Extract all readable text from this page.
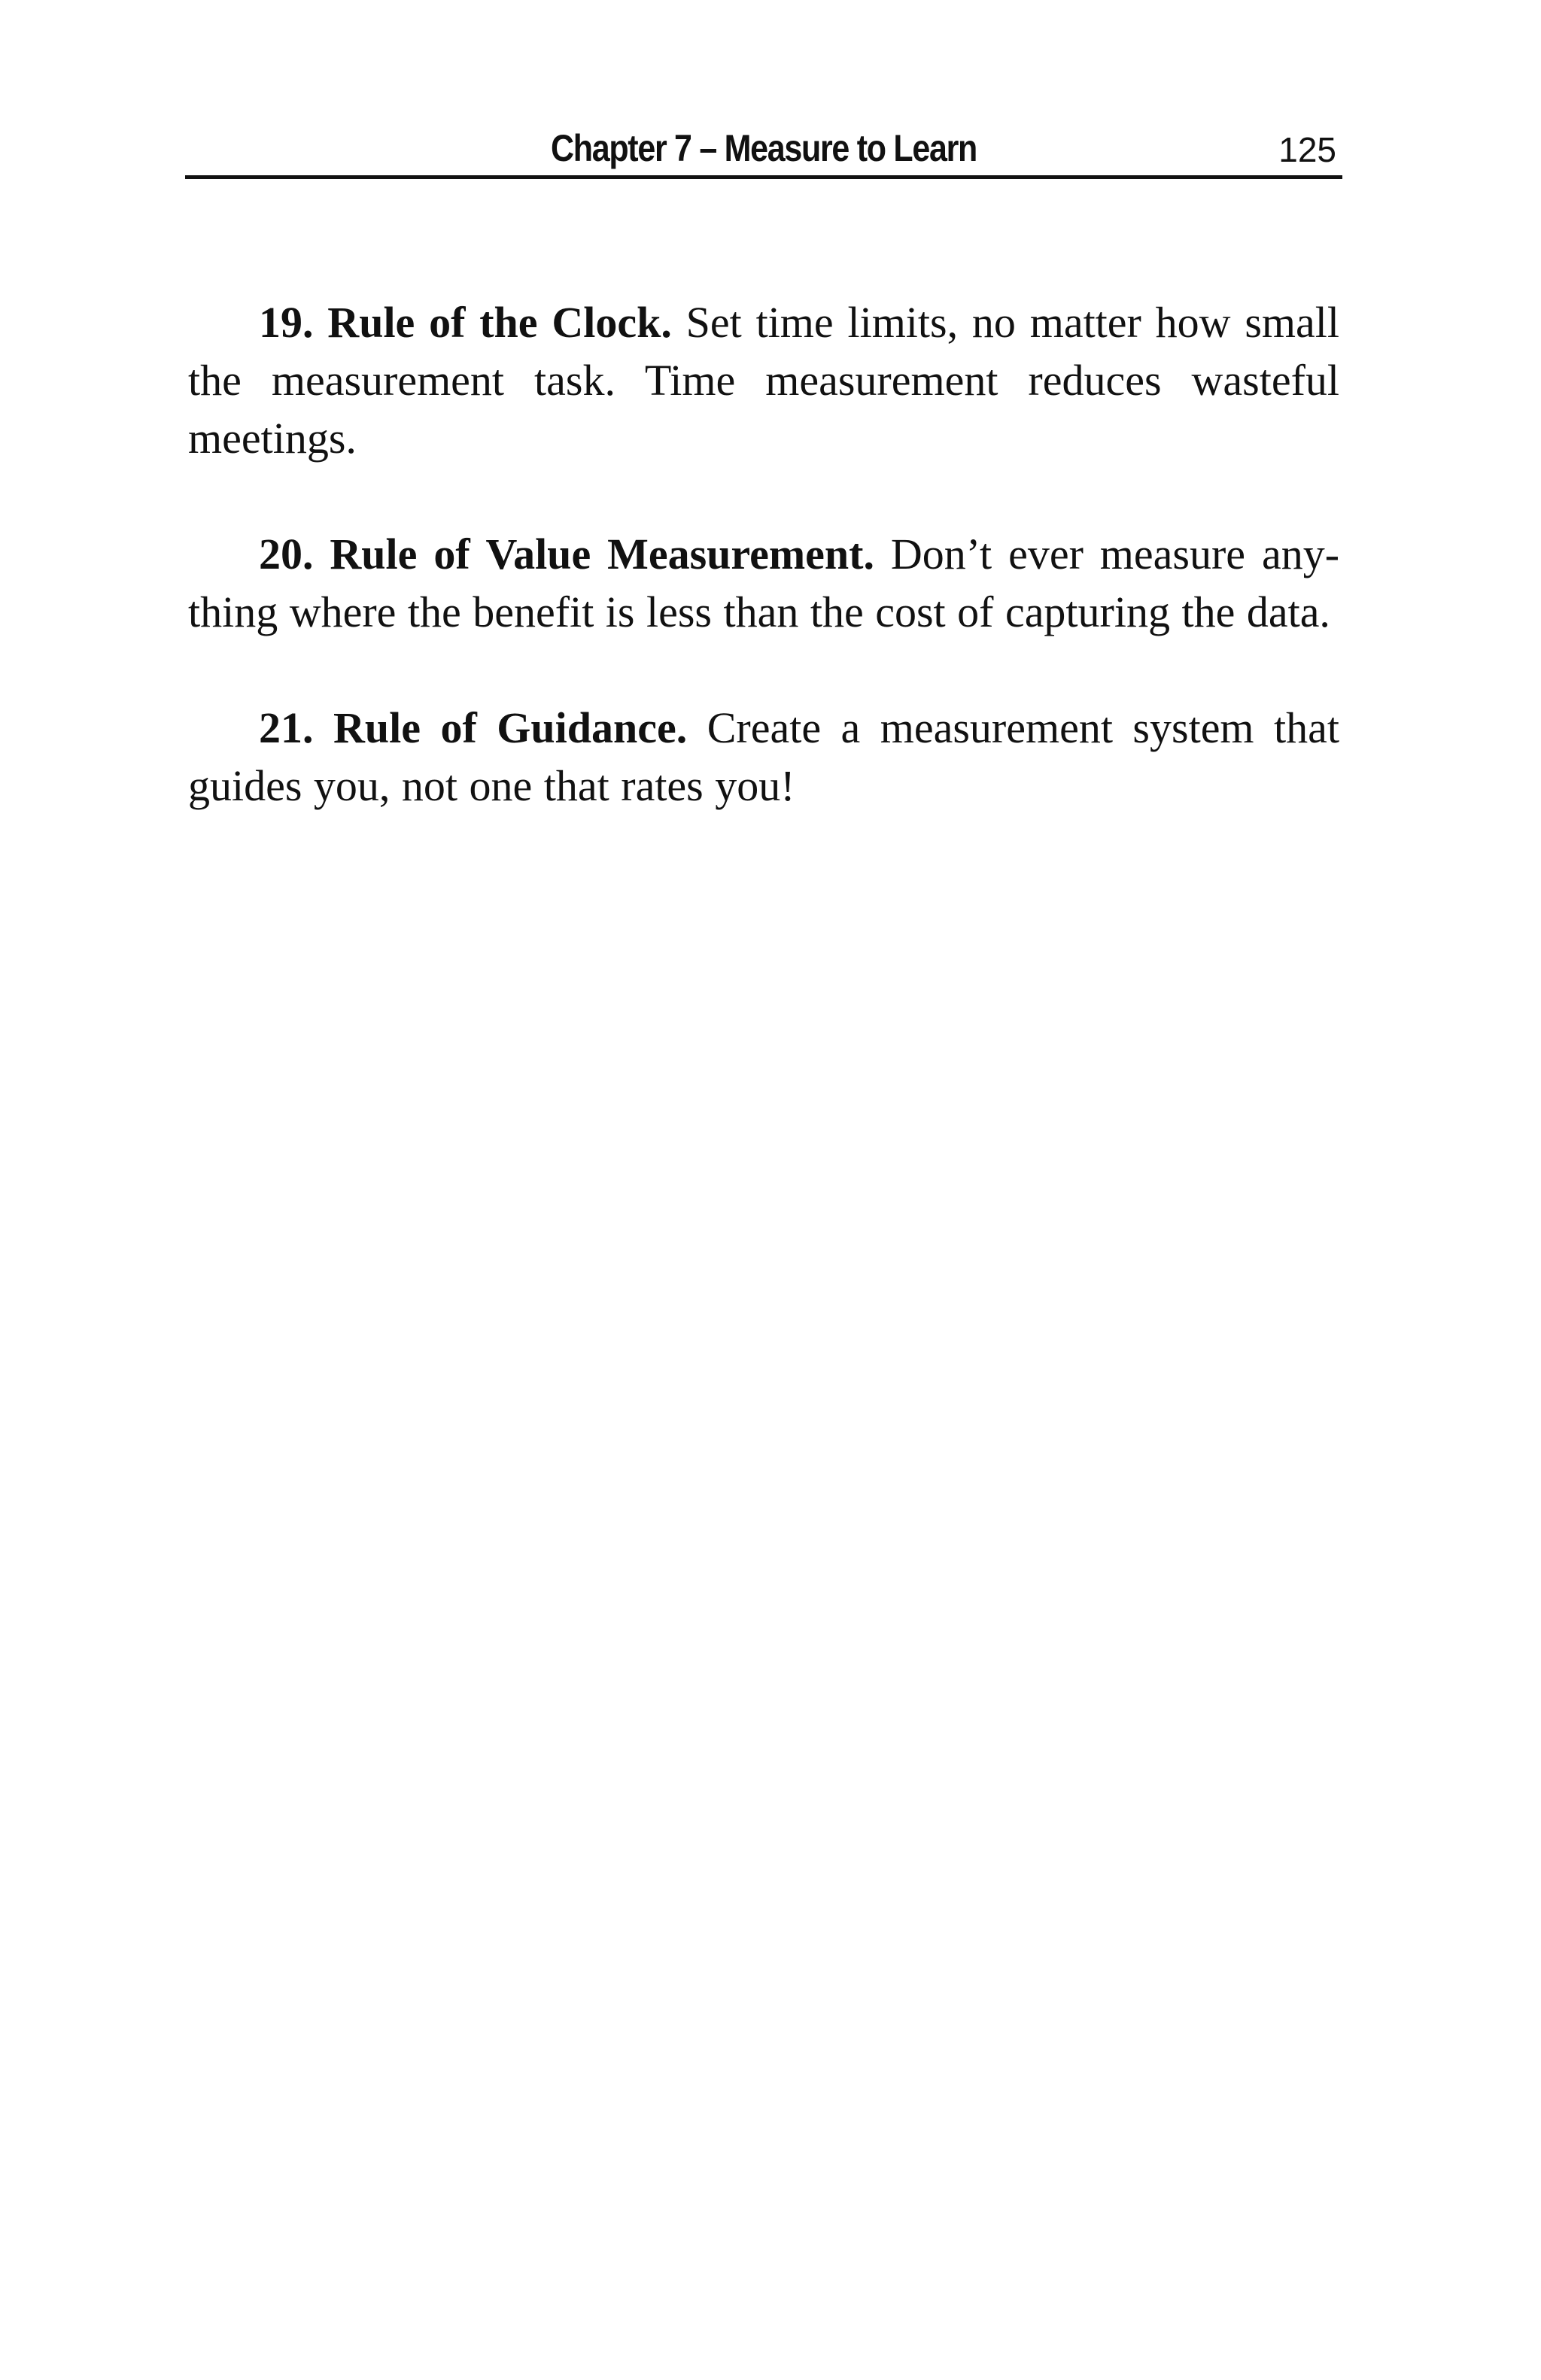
Chapter 7 – Measure to Learn	125

19. Rule of the Clock. Set time limits, no matter how small the measurement task. Time measurement reduces wasteful meetings.

20. Rule of Value Measurement. Don’t ever measure any-thing where the benefit is less than the cost of capturing the data.

21. Rule of Guidance. Create a measurement system that guides you, not one that rates you!
